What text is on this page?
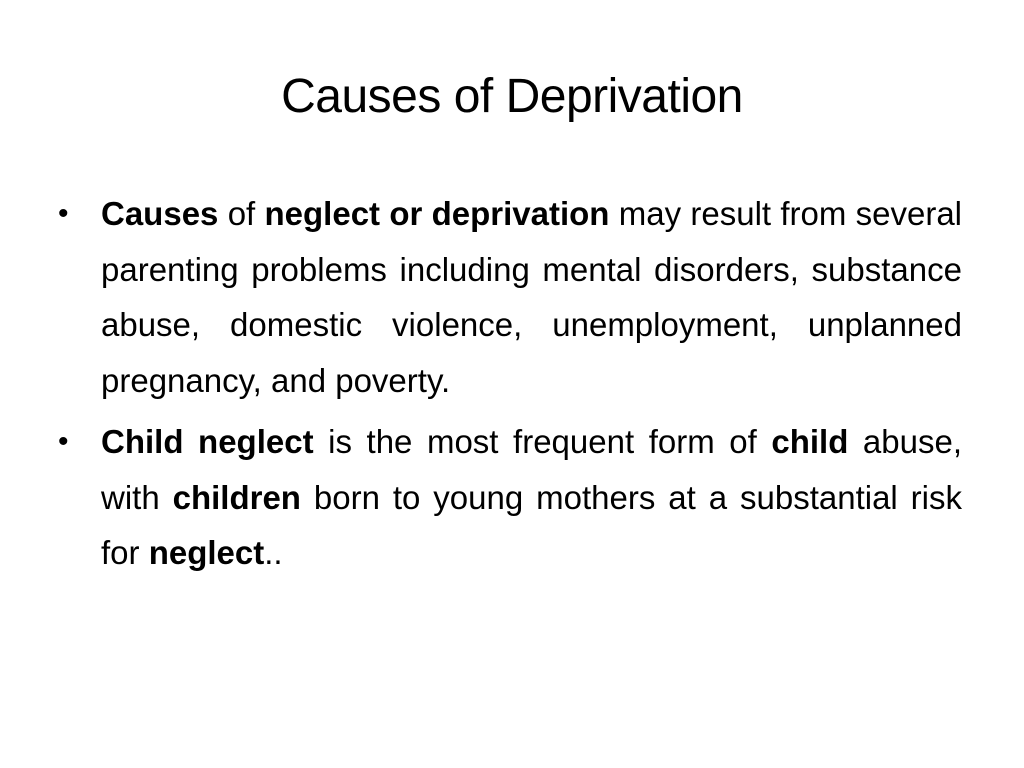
Causes of Deprivation
• Causes of neglect or deprivation may result from several parenting problems including mental disorders, substance abuse, domestic violence, unemployment, unplanned pregnancy, and poverty.
• Child neglect is the most frequent form of child abuse, with children born to young mothers at a substantial risk for neglect..
